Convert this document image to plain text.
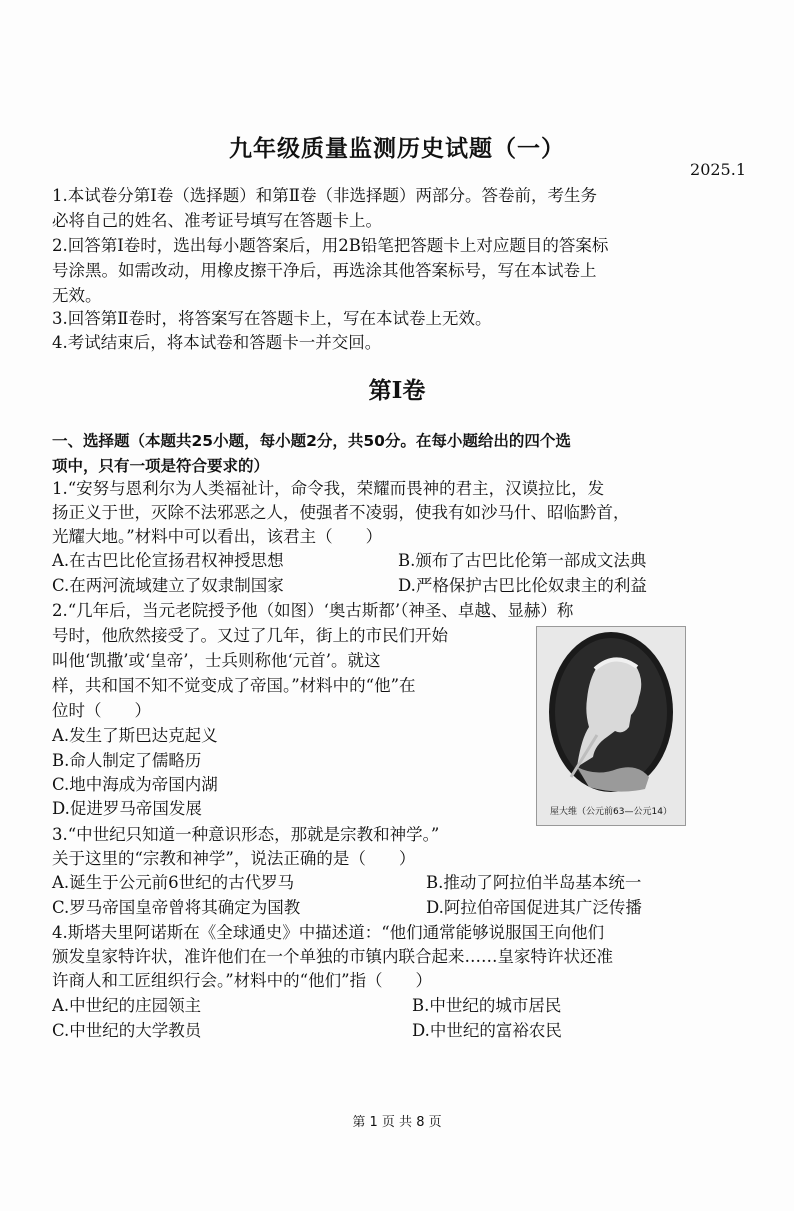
九年级质量监测历史试题（一）
2025.1
1.本试卷分第Ⅰ卷（选择题）和第Ⅱ卷（非选择题）两部分。答卷前，考生务
必将自己的姓名、准考证号填写在答题卡上。
2.回答第Ⅰ卷时，选出每小题答案后，用2B铅笔把答题卡上对应题目的答案标
号涂黑。如需改动，用橡皮擦干净后，再选涂其他答案标号，写在本试卷上
无效。
3.回答第Ⅱ卷时，将答案写在答题卡上，写在本试卷上无效。
4.考试结束后，将本试卷和答题卡一并交回。
第Ⅰ卷
一、选择题（本题共25小题，每小题2分，共50分。在每小题给出的四个选
项中，只有一项是符合要求的）
1.“安努与恩利尔为人类福祉计，命令我，荣耀而畏神的君主，汉谟拉比，发
扬正义于世，灭除不法邪恶之人，使强者不凌弱，使我有如沙马什、昭临黔首，
光耀大地。”材料中可以看出，该君主（　　）
A.在古巴比伦宣扬君权神授思想	B.颁布了古巴比伦第一部成文法典
C.在两河流域建立了奴隶制国家	D.严格保护古巴比伦奴隶主的利益
2.“几年后，当元老院授予他（如图）‘奥古斯都’（神圣、卓越、显赫）称
号时，他欣然接受了。又过了几年，街上的市民们开始
叫他‘凯撒’或‘皇帝’，士兵则称他‘元首’。就这
样，共和国不知不觉变成了帝国。”材料中的“他”在
位时（　　）
A.发生了斯巴达克起义
B.命人制定了儒略历
C.地中海成为帝国内湖
D.促进罗马帝国发展	屋大维（公元前63—公元14）
3.“中世纪只知道一种意识形态，那就是宗教和神学。”
关于这里的“宗教和神学”，说法正确的是（　　）
A.诞生于公元前6世纪的古代罗马	B.推动了阿拉伯半岛基本统一
C.罗马帝国皇帝曾将其确定为国教	D.阿拉伯帝国促进其广泛传播
4.斯塔夫里阿诺斯在《全球通史》中描述道：“他们通常能够说服国王向他们
颁发皇家特许状，准许他们在一个单独的市镇内联合起来……皇家特许状还准
许商人和工匠组织行会。”材料中的“他们”指（　　）
A.中世纪的庄园领主	B.中世纪的城市居民
C.中世纪的大学教员	D.中世纪的富裕农民
第 1 页 共 8 页
